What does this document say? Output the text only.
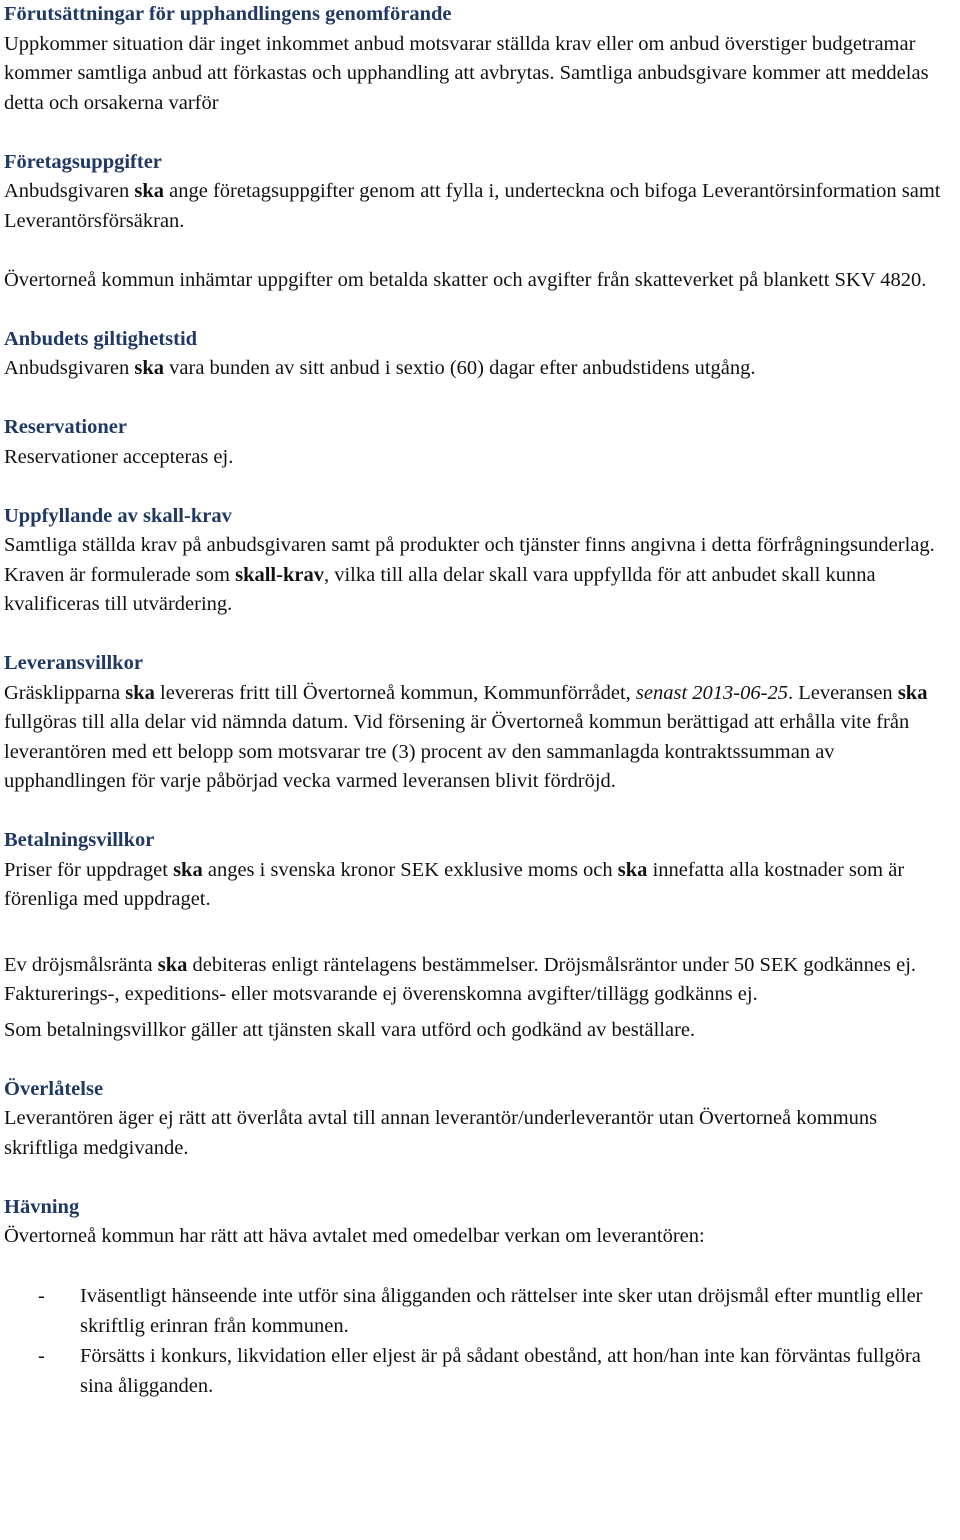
Förutsättningar för upphandlingens genomförande
Uppkommer situation där inget inkommet anbud motsvarar ställda krav eller om anbud överstiger budgetramar kommer samtliga anbud att förkastas och upphandling att avbrytas. Samtliga anbudsgivare kommer att meddelas detta och orsakerna varför
Företagsuppgifter
Anbudsgivaren ska ange företagsuppgifter genom att fylla i, underteckna och bifoga Leverantörsinformation samt Leverantörsförsäkran.
Övertorneå kommun inhämtar uppgifter om betalda skatter och avgifter från skatteverket på blankett SKV 4820.
Anbudets giltighetstid
Anbudsgivaren ska vara bunden av sitt anbud i sextio (60) dagar efter anbudstidens utgång.
Reservationer
Reservationer accepteras ej.
Uppfyllande av skall-krav
Samtliga ställda krav på anbudsgivaren samt på produkter och tjänster finns angivna i detta förfrågningsunderlag. Kraven är formulerade som skall-krav, vilka till alla delar skall vara uppfyllda för att anbudet skall kunna kvalificeras till utvärdering.
Leveransvillkor
Gräsklipparna ska levereras fritt till Övertorneå kommun, Kommunförrådet, senast 2013-06-25. Leveransen ska fullgöras till alla delar vid nämnda datum. Vid försening är Övertorneå kommun berättigad att erhålla vite från leverantören med ett belopp som motsvarar tre (3) procent av den sammanlagda kontraktssumman av upphandlingen för varje påbörjad vecka varmed leveransen blivit fördröjd.
Betalningsvillkor
Priser för uppdraget ska anges i svenska kronor SEK exklusive moms och ska innefatta alla kostnader som är förenliga med uppdraget.
Ev dröjsmålsränta ska debiteras enligt räntelagens bestämmelser. Dröjsmålsräntor under 50 SEK godkännes ej. Fakturerings-, expeditions- eller motsvarande ej överenskomna avgifter/tillägg godkänns ej.
Som betalningsvillkor gäller att tjänsten skall vara utförd och godkänd av beställare.
Överlåtelse
Leverantören äger ej rätt att överlåta avtal till annan leverantör/underleverantör utan Övertorneå kommuns skriftliga medgivande.
Hävning
Övertorneå kommun har rätt att häva avtalet med omedelbar verkan om leverantören:
- Iväsentligt hänseende inte utför sina åligganden och rättelser inte sker utan dröjsmål efter muntlig eller skriftlig erinran från kommunen.
- Försätts i konkurs, likvidation eller eljest är på sådant obestånd, att hon/han inte kan förväntas fullgöra sina åligganden.
